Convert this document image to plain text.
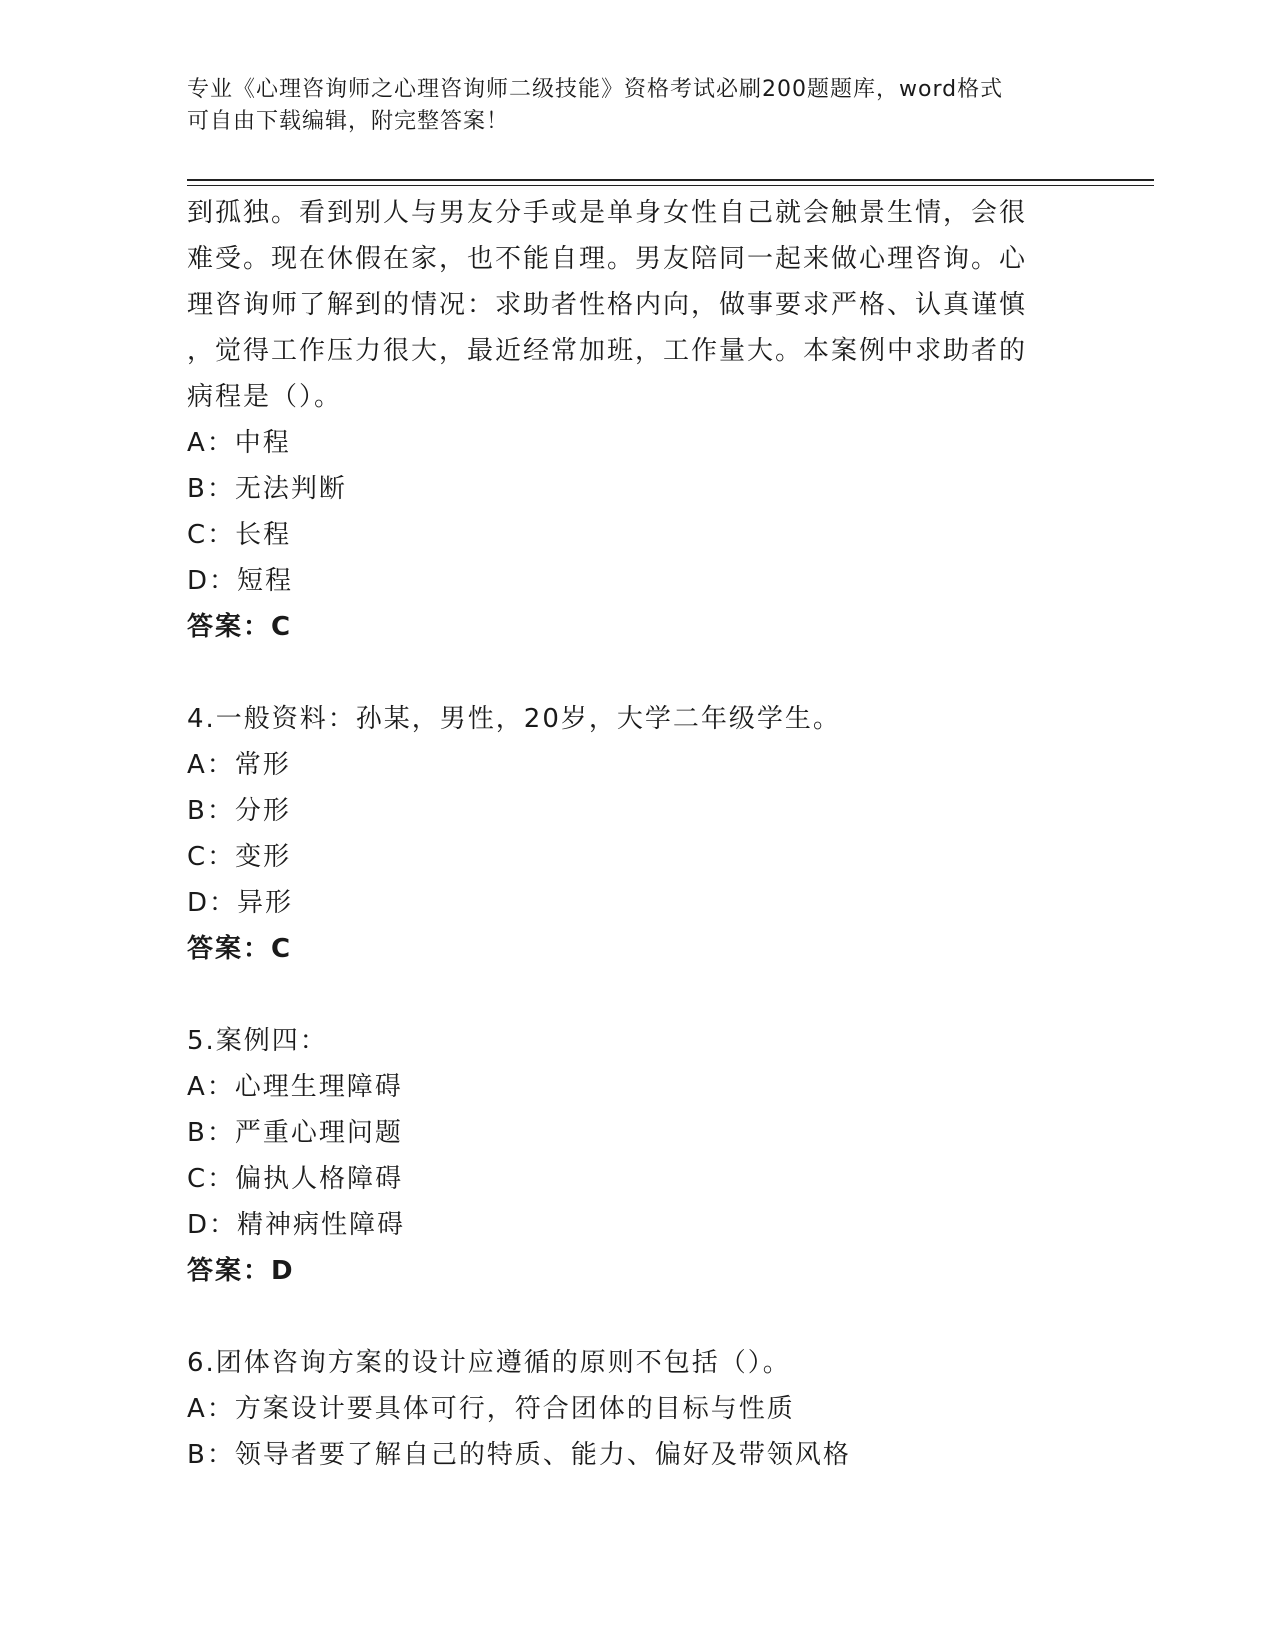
专业《心理咨询师之心理咨询师二级技能》资格考试必刷200题题库，word格式
可自由下载编辑，附完整答案！
到孤独。看到别人与男友分手或是单身女性自己就会触景生情，会很
难受。现在休假在家，也不能自理。男友陪同一起来做心理咨询。心
理咨询师了解到的情况：求助者性格内向，做事要求严格、认真谨慎
，觉得工作压力很大，最近经常加班，工作量大。本案例中求助者的
病程是（）。
A：中程
B：无法判断
C：长程
D：短程
答案：C
4.一般资料：孙某，男性，20岁，大学二年级学生。
A：常形
B：分形
C：变形
D：异形
答案：C
5.案例四：
A：心理生理障碍
B：严重心理问题
C：偏执人格障碍
D：精神病性障碍
答案：D
6.团体咨询方案的设计应遵循的原则不包括（）。
A：方案设计要具体可行，符合团体的目标与性质
B：领导者要了解自己的特质、能力、偏好及带领风格
